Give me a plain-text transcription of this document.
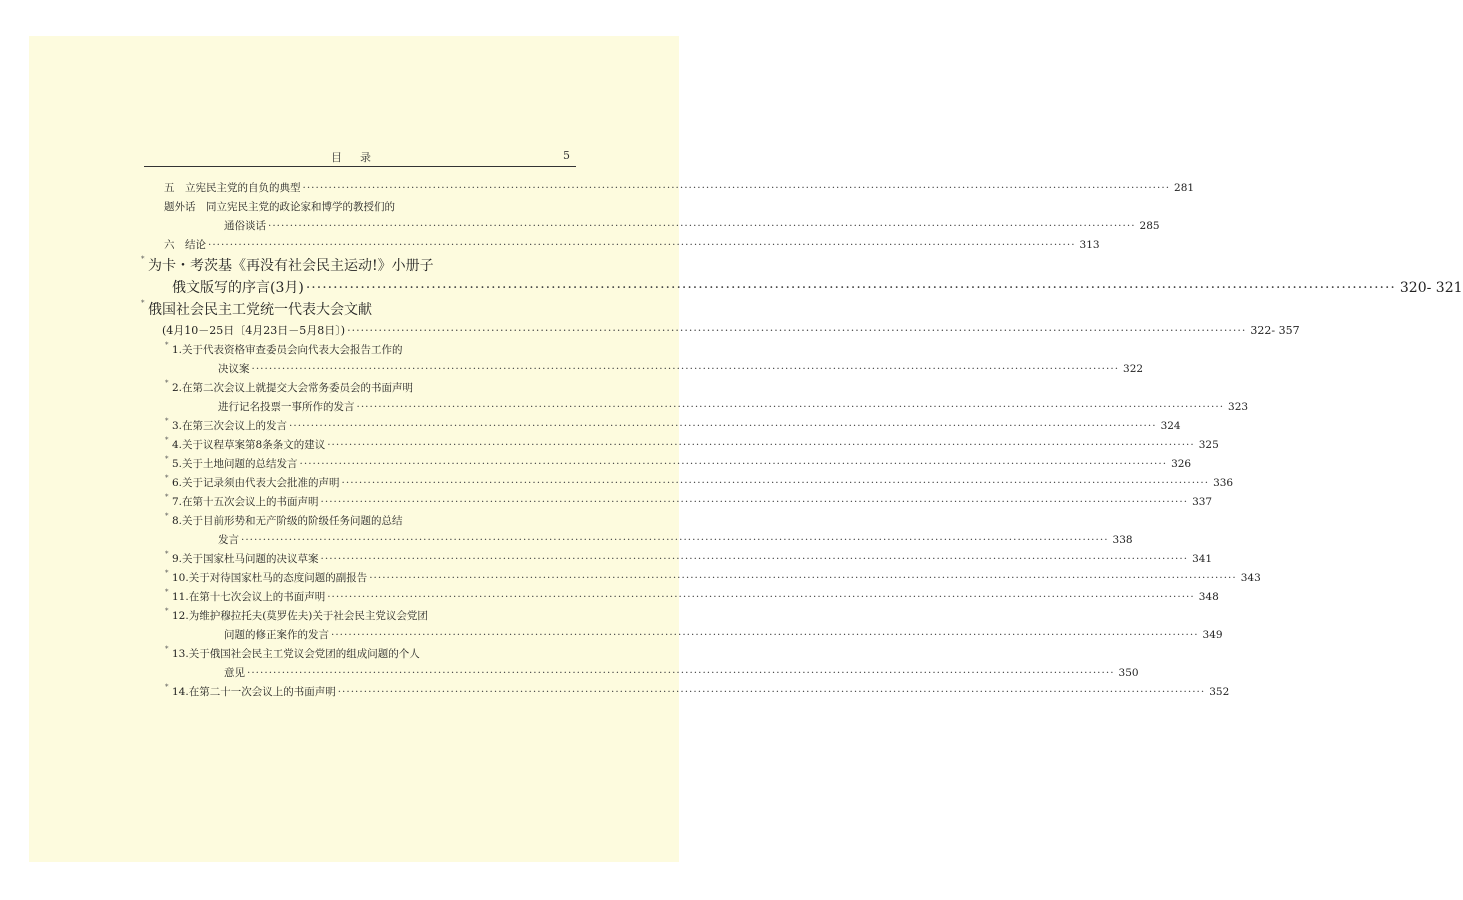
目录	5
五　立宪民主党的自负的典型 ········································································································································································································ 281
题外话　同立宪民主党的政论家和博学的教授们的
通俗谈话 ········································································································································································································ 285
六　结论 ········································································································································································································ 313
* 为卡・考茨基《再没有社会民主运动!》小册子
俄文版写的序言(3月) ········································································································································································································ 320- 321
* 俄国社会民主工党统一代表大会文献
(4月10－25日〔4月23日－5月8日〕) ········································································································································································································ 322- 357
* 1.关于代表资格审查委员会向代表大会报告工作的
决议案 ········································································································································································································ 322
* 2.在第二次会议上就提交大会常务委员会的书面声明
进行记名投票一事所作的发言 ········································································································································································································ 323
* 3.在第三次会议上的发言 ········································································································································································································ 324
* 4.关于议程草案第8条条文的建议 ········································································································································································································ 325
* 5.关于土地问题的总结发言 ········································································································································································································ 326
* 6.关于记录须由代表大会批准的声明 ········································································································································································································ 336
* 7.在第十五次会议上的书面声明 ········································································································································································································ 337
* 8.关于目前形势和无产阶级的阶级任务问题的总结
发言 ········································································································································································································ 338
* 9.关于国家杜马问题的决议草案 ········································································································································································································ 341
* 10.关于对待国家杜马的态度问题的副报告 ········································································································································································································ 343
* 11.在第十七次会议上的书面声明 ········································································································································································································ 348
* 12.为维护穆拉托夫(莫罗佐夫)关于社会民主党议会党团
问题的修正案作的发言 ········································································································································································································ 349
* 13.关于俄国社会民主工党议会党团的组成问题的个人
意见 ········································································································································································································ 350
* 14.在第二十一次会议上的书面声明 ········································································································································································································ 352
